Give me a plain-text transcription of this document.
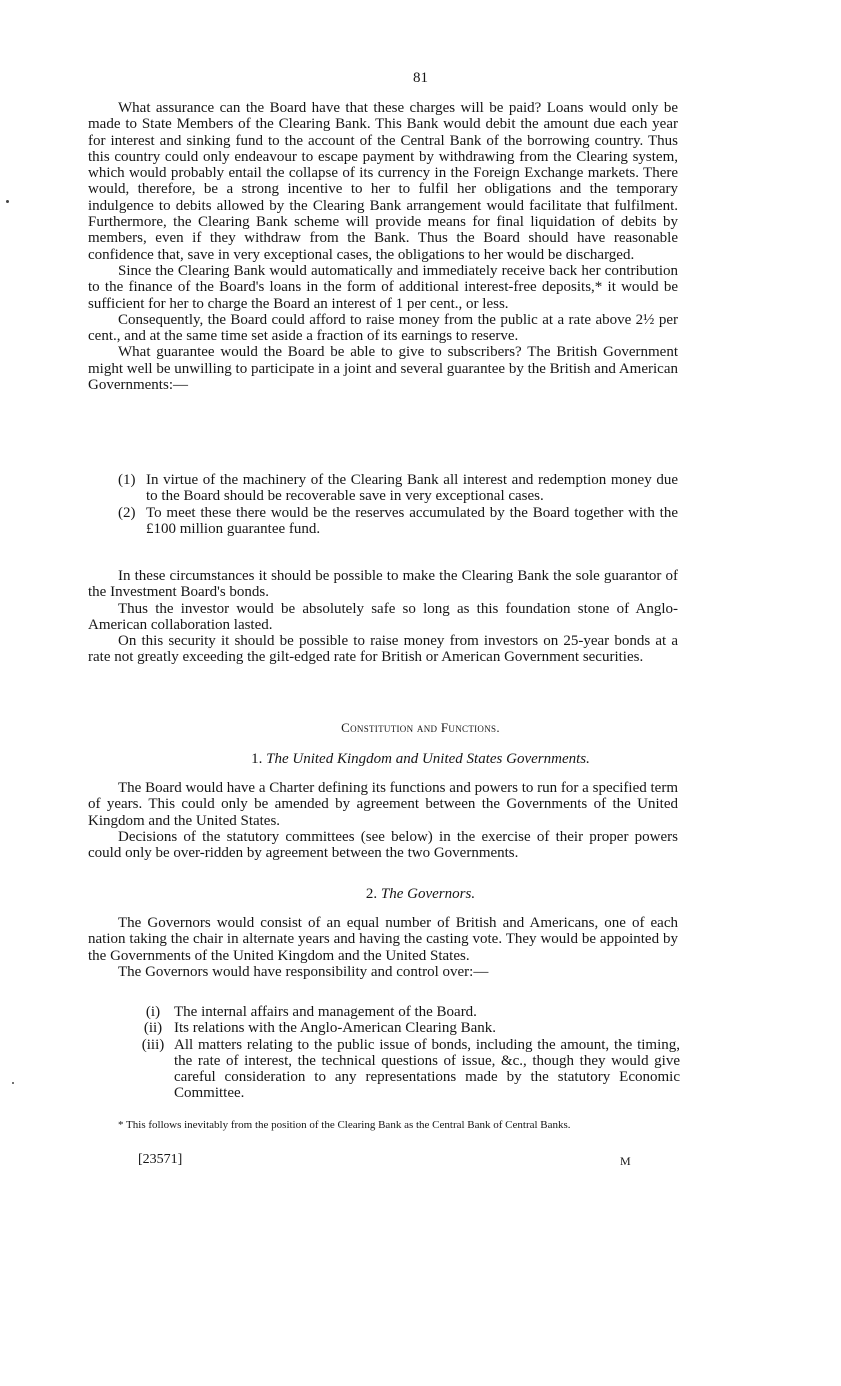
81

What assurance can the Board have that these charges will be paid? Loans would only be made to State Members of the Clearing Bank. This Bank would debit the amount due each year for interest and sinking fund to the account of the Central Bank of the borrowing country. Thus this country could only endeavour to escape payment by withdrawing from the Clearing system, which would probably entail the collapse of its currency in the Foreign Exchange markets. There would, therefore, be a strong incentive to her to fulfil her obligations and the temporary indulgence to debits allowed by the Clearing Bank arrangement would facilitate that fulfilment. Furthermore, the Clearing Bank scheme will provide means for final liquidation of debits by members, even if they withdraw from the Bank. Thus the Board should have reasonable confidence that, save in very exceptional cases, the obligations to her would be discharged.

Since the Clearing Bank would automatically and immediately receive back her contribution to the finance of the Board's loans in the form of additional interest-free deposits,* it would be sufficient for her to charge the Board an interest of 1 per cent., or less.

Consequently, the Board could afford to raise money from the public at a rate above 2½ per cent., and at the same time set aside a fraction of its earnings to reserve.

What guarantee would the Board be able to give to subscribers? The British Government might well be unwilling to participate in a joint and several guarantee by the British and American Governments:—

(1) In virtue of the machinery of the Clearing Bank all interest and redemption money due to the Board should be recoverable save in very exceptional cases.
(2) To meet these there would be the reserves accumulated by the Board together with the £100 million guarantee fund.

In these circumstances it should be possible to make the Clearing Bank the sole guarantor of the Investment Board's bonds.

Thus the investor would be absolutely safe so long as this foundation stone of Anglo-American collaboration lasted.

On this security it should be possible to raise money from investors on 25-year bonds at a rate not greatly exceeding the gilt-edged rate for British or American Government securities.

Constitution and Functions.
1. The United Kingdom and United States Governments.

The Board would have a Charter defining its functions and powers to run for a specified term of years. This could only be amended by agreement between the Governments of the United Kingdom and the United States.

Decisions of the statutory committees (see below) in the exercise of their proper powers could only be over-ridden by agreement between the two Governments.

2. The Governors.

The Governors would consist of an equal number of British and Americans, one of each nation taking the chair in alternate years and having the casting vote. They would be appointed by the Governments of the United Kingdom and the United States.

The Governors would have responsibility and control over:—

(i) The internal affairs and management of the Board.
(ii) Its relations with the Anglo-American Clearing Bank.
(iii) All matters relating to the public issue of bonds, including the amount, the timing, the rate of interest, the technical questions of issue, &c., though they would give careful consideration to any representations made by the statutory Economic Committee.
* This follows inevitably from the position of the Clearing Bank as the Central Bank of Central Banks.
[23571]	M
